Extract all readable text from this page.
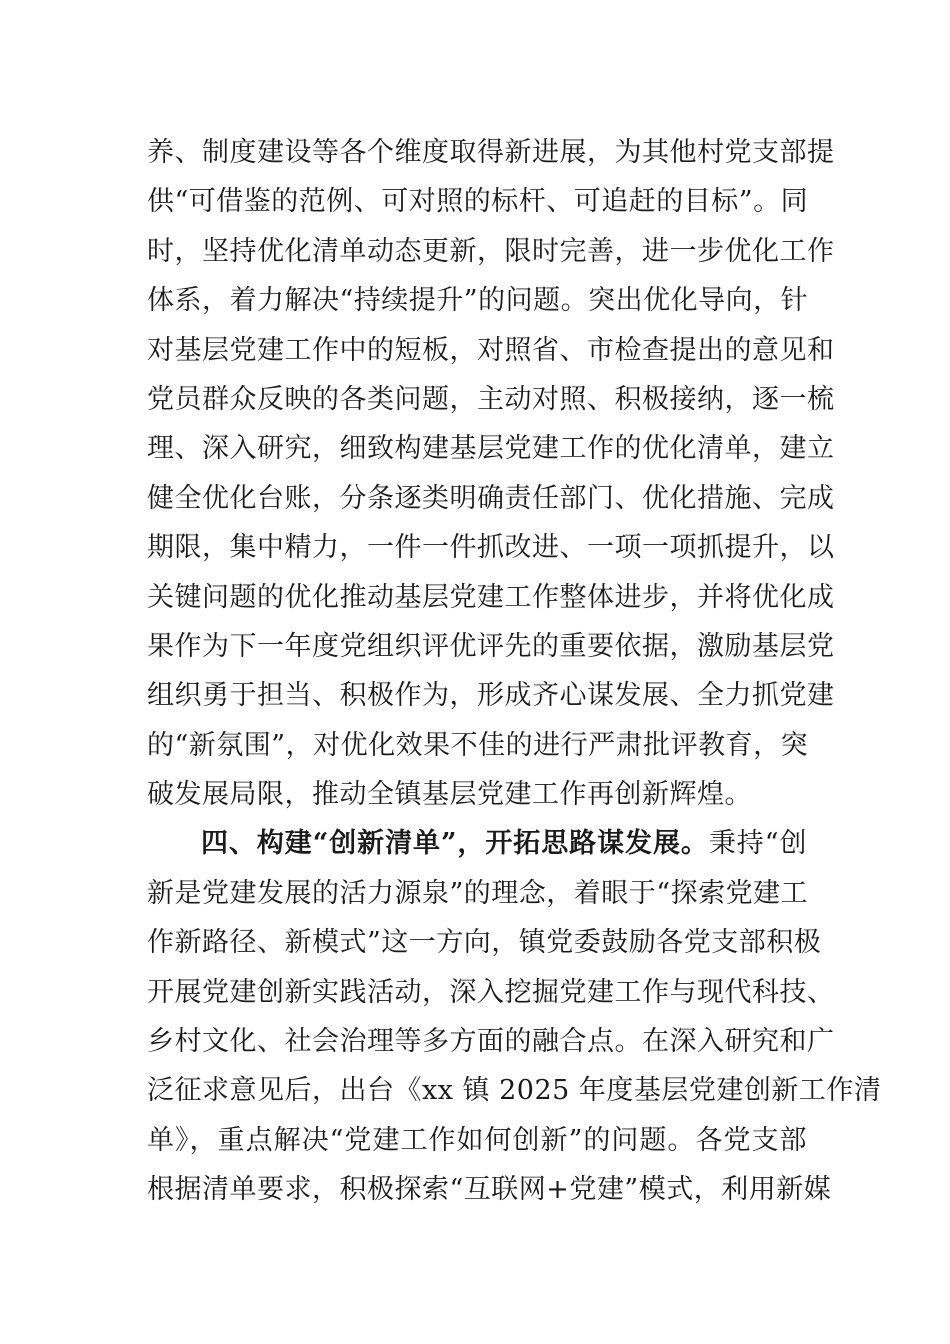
养、制度建设等各个维度取得新进展，为其他村党支部提
供“可借鉴的范例、可对照的标杆、可追赶的目标”。同
时，坚持优化清单动态更新，限时完善，进一步优化工作
体系，着力解决“持续提升”的问题。突出优化导向，针
对基层党建工作中的短板，对照省、市检查提出的意见和
党员群众反映的各类问题，主动对照、积极接纳，逐一梳
理、深入研究，细致构建基层党建工作的优化清单，建立
健全优化台账，分条逐类明确责任部门、优化措施、完成
期限，集中精力，一件一件抓改进、一项一项抓提升，以
关键问题的优化推动基层党建工作整体进步，并将优化成
果作为下一年度党组织评优评先的重要依据，激励基层党
组织勇于担当、积极作为，形成齐心谋发展、全力抓党建
的“新氛围”，对优化效果不佳的进行严肃批评教育，突
破发展局限，推动全镇基层党建工作再创新辉煌。
四、构建“创新清单”，开拓思路谋发展。秉持“创
新是党建发展的活力源泉”的理念，着眼于“探索党建工
作新路径、新模式”这一方向，镇党委鼓励各党支部积极
开展党建创新实践活动，深入挖掘党建工作与现代科技、
乡村文化、社会治理等多方面的融合点。在深入研究和广
泛征求意见后，出台《xx 镇 2025 年度基层党建创新工作清
单》，重点解决“党建工作如何创新”的问题。各党支部
根据清单要求，积极探索“互联网+党建”模式，利用新媒
